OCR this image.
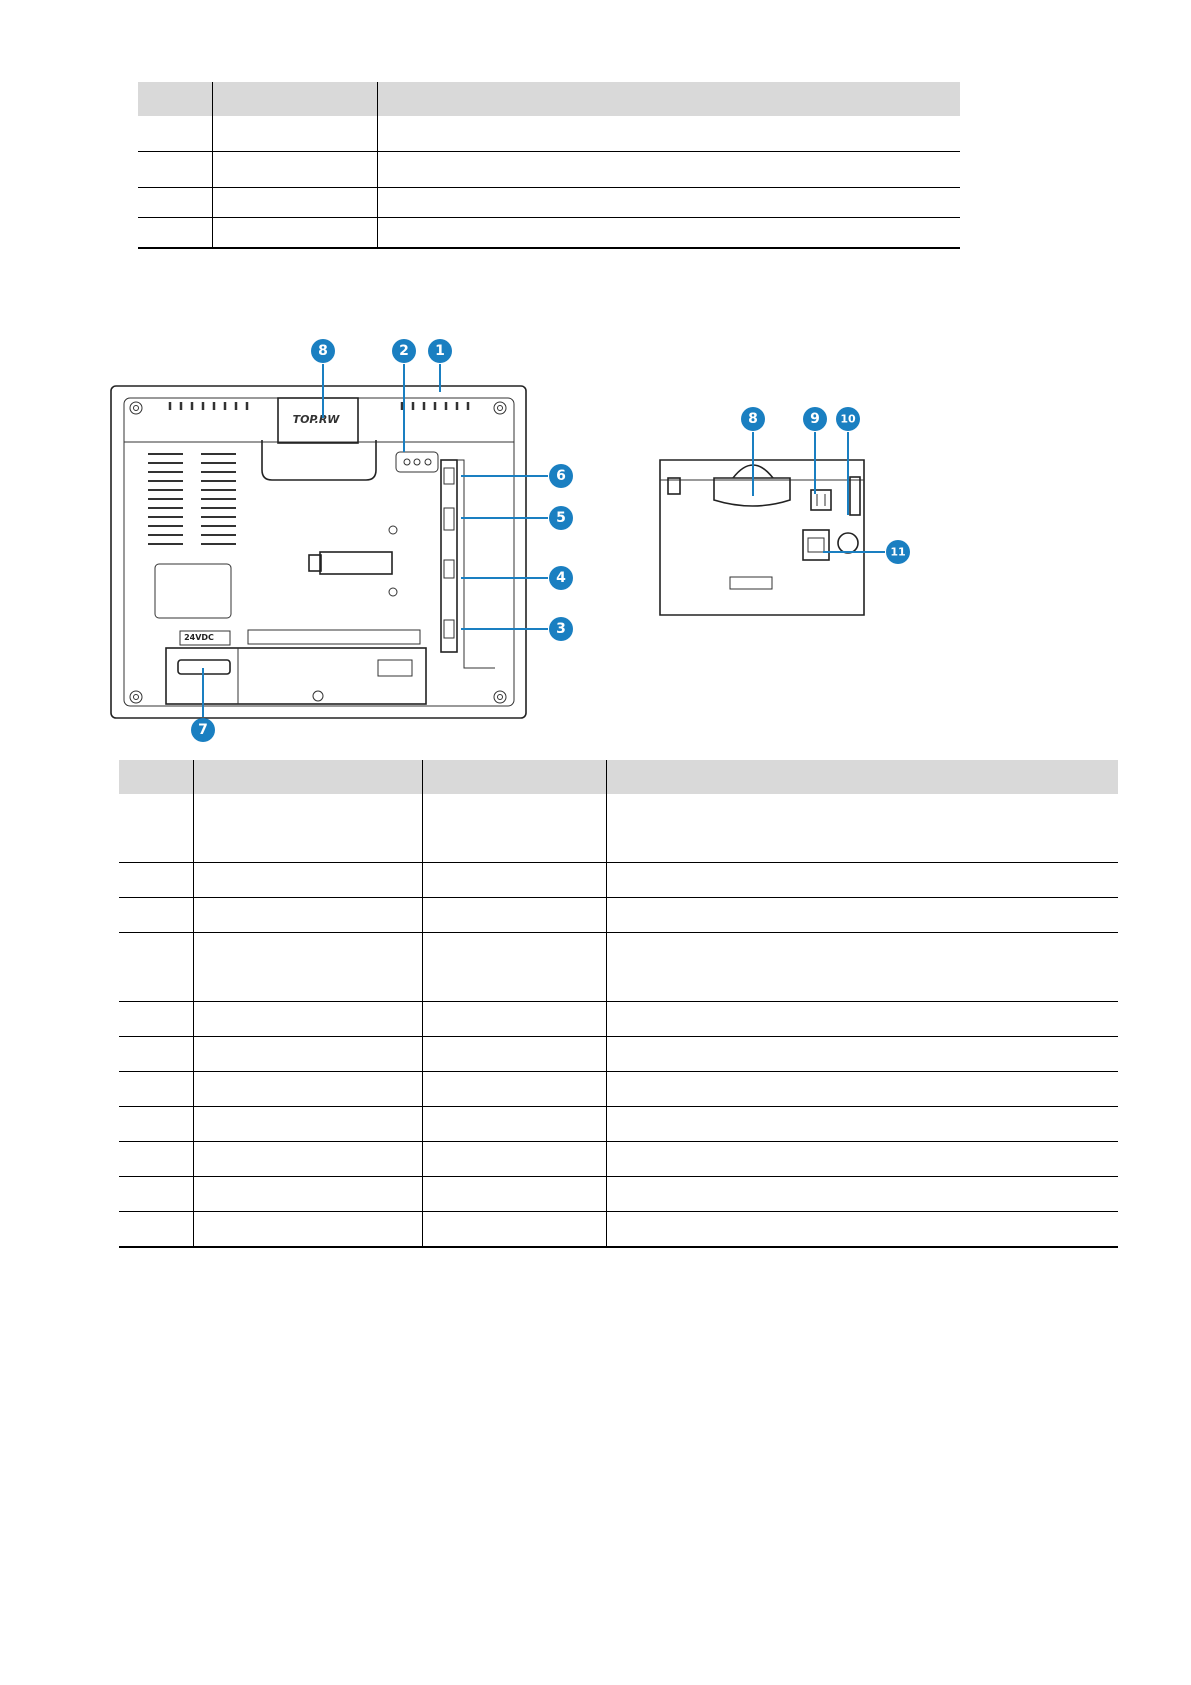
TOP.RW
24VDC
1
2
8
6
5
4
3
7
8	9 10
11
